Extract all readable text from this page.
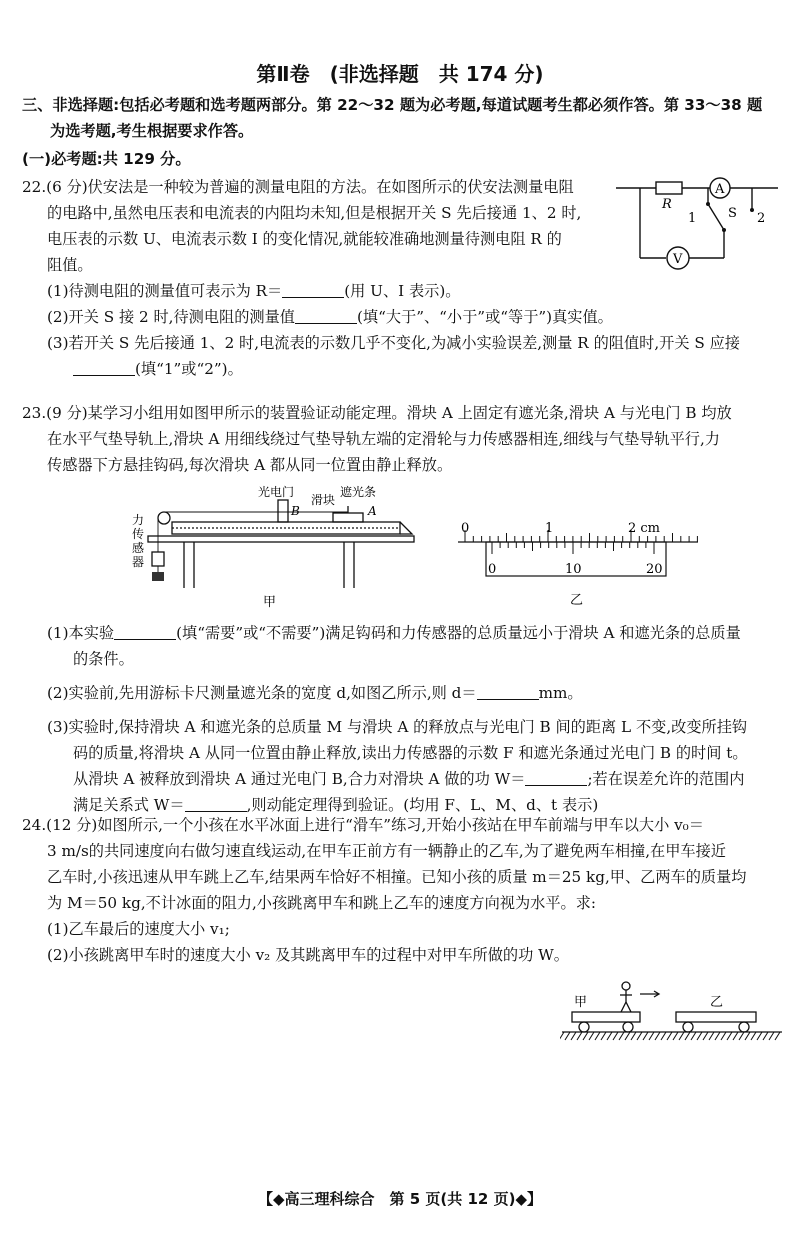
第Ⅱ卷　(非选择题　共 174 分)
三、非选择题:包括必考题和选考题两部分。第 22～32 题为必考题,每道试题考生都必须作答。第 33～38 题
为选考题,考生根据要求作答。
(一)必考题:共 129 分。
22.(6 分)伏安法是一种较为普遍的测量电阻的方法。在如图所示的伏安法测量电阻
的电路中,虽然电压表和电流表的内阻均未知,但是根据开关 S 先后接通 1、2 时,
电压表的示数 U、电流表示数 I 的变化情况,就能较准确地测量待测电阻 R 的
阻值。
(1)待测电阻的测量值可表示为 R＝	(用 U、I 表示)。
(2)开关 S 接 2 时,待测电阻的测量值	(填“大于”、“小于”或“等于”)真实值。
(3)若开关 S 先后接通 1、2 时,电流表的示数几乎不变化,为减小实验误差,测量 R 的阻值时,开关 S 应接
(填“1”或“2”)。
A
V
R
1 S 2
23.(9 分)某学习小组用如图甲所示的装置验证动能定理。滑块 A 上固定有遮光条,滑块 A 与光电门 B 均放
在水平气垫导轨上,滑块 A 用细线绕过气垫导轨左端的定滑轮与力传感器相连,细线与气垫导轨平行,力
传感器下方悬挂钩码,每次滑块 A 都从同一位置由静止释放。
光电门
B
滑块
遮光条
A
力
传
感
器
甲
0	1	2 cm
0	10	20
乙
(1)本实验	(填“需要”或“不需要”)满足钩码和力传感器的总质量远小于滑块 A 和遮光条的总质量
的条件。
(2)实验前,先用游标卡尺测量遮光条的宽度 d,如图乙所示,则 d＝	mm。
(3)实验时,保持滑块 A 和遮光条的总质量 M 与滑块 A 的释放点与光电门 B 间的距离 L 不变,改变所挂钩
码的质量,将滑块 A 从同一位置由静止释放,读出力传感器的示数 F 和遮光条通过光电门 B 的时间 t。
从滑块 A 被释放到滑块 A 通过光电门 B,合力对滑块 A 做的功 W＝	;若在误差允许的范围内
满足关系式 W＝	,则动能定理得到验证。(均用 F、L、M、d、t 表示)
24.(12 分)如图所示,一个小孩在水平冰面上进行“滑车”练习,开始小孩站在甲车前端与甲车以大小 v₀＝
3 m/s的共同速度向右做匀速直线运动,在甲车正前方有一辆静止的乙车,为了避免两车相撞,在甲车接近
乙车时,小孩迅速从甲车跳上乙车,结果两车恰好不相撞。已知小孩的质量 m＝25 kg,甲、乙两车的质量均
为 M＝50 kg,不计冰面的阻力,小孩跳离甲车和跳上乙车的速度方向视为水平。求:
(1)乙车最后的速度大小 v₁;
(2)小孩跳离甲车时的速度大小 v₂ 及其跳离甲车的过程中对甲车所做的功 W。
甲	乙
【◆高三理科综合　第 5 页(共 12 页)◆】
